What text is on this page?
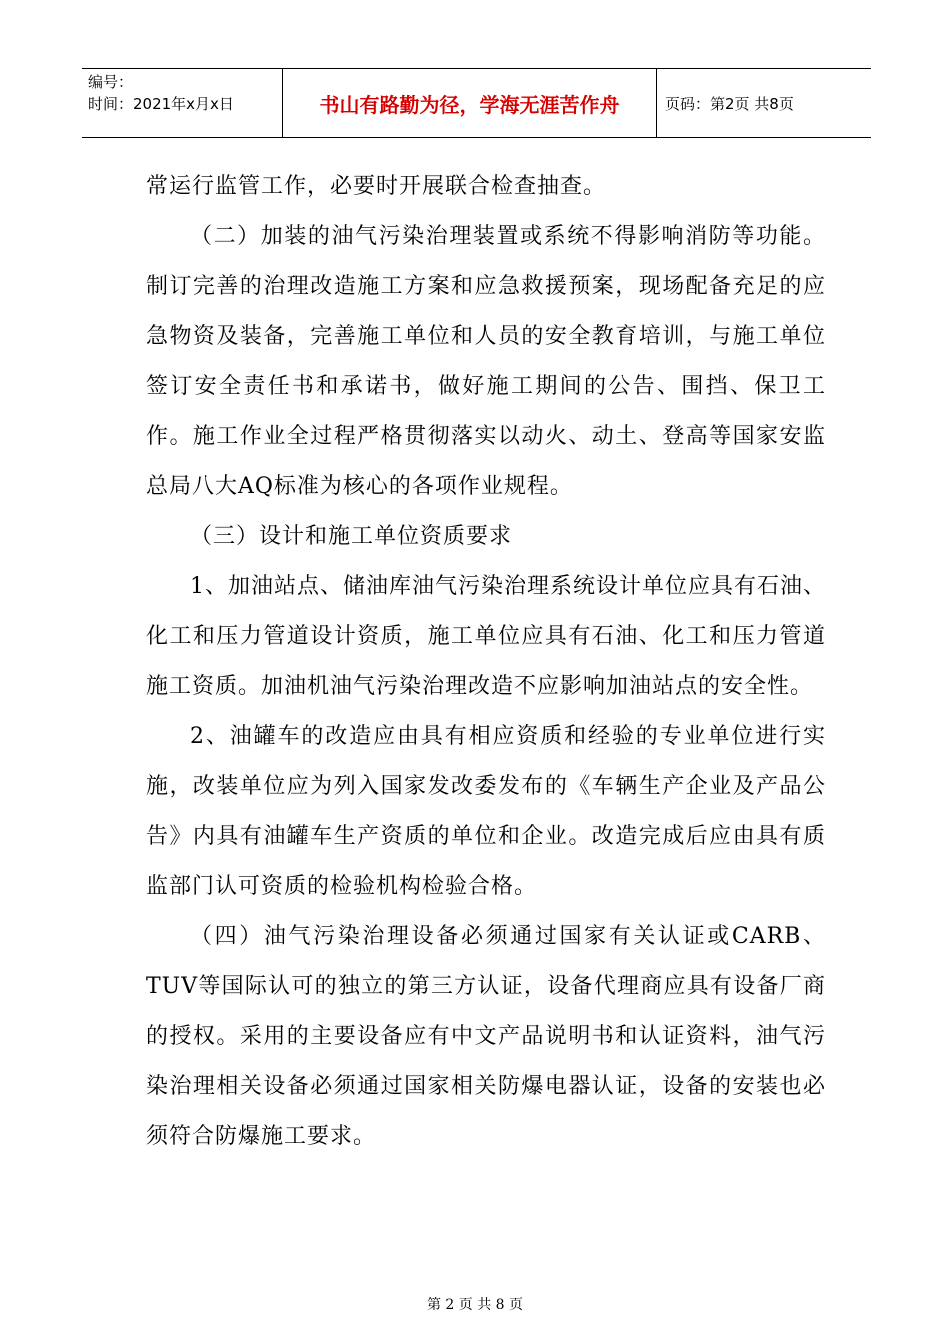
编号：
时间：2021年x月x日	书山有路勤为径，学海无涯苦作舟	页码：第2页 共8页

常运行监管工作，必要时开展联合检查抽查。

（二）加装的油气污染治理装置或系统不得影响消防等功能。制订完善的治理改造施工方案和应急救援预案，现场配备充足的应急物资及装备，完善施工单位和人员的安全教育培训，与施工单位签订安全责任书和承诺书，做好施工期间的公告、围挡、保卫工作。施工作业全过程严格贯彻落实以动火、动土、登高等国家安监总局八大AQ标准为核心的各项作业规程。

（三）设计和施工单位资质要求

1、加油站点、储油库油气污染治理系统设计单位应具有石油、化工和压力管道设计资质，施工单位应具有石油、化工和压力管道施工资质。加油机油气污染治理改造不应影响加油站点的安全性。

2、油罐车的改造应由具有相应资质和经验的专业单位进行实施，改装单位应为列入国家发改委发布的《车辆生产企业及产品公告》内具有油罐车生产资质的单位和企业。改造完成后应由具有质监部门认可资质的检验机构检验合格。

（四）油气污染治理设备必须通过国家有关认证或CARB、TUV等国际认可的独立的第三方认证，设备代理商应具有设备厂商的授权。采用的主要设备应有中文产品说明书和认证资料，油气污染治理相关设备必须通过国家相关防爆电器认证，设备的安装也必须符合防爆施工要求。

第 2 页 共 8 页
